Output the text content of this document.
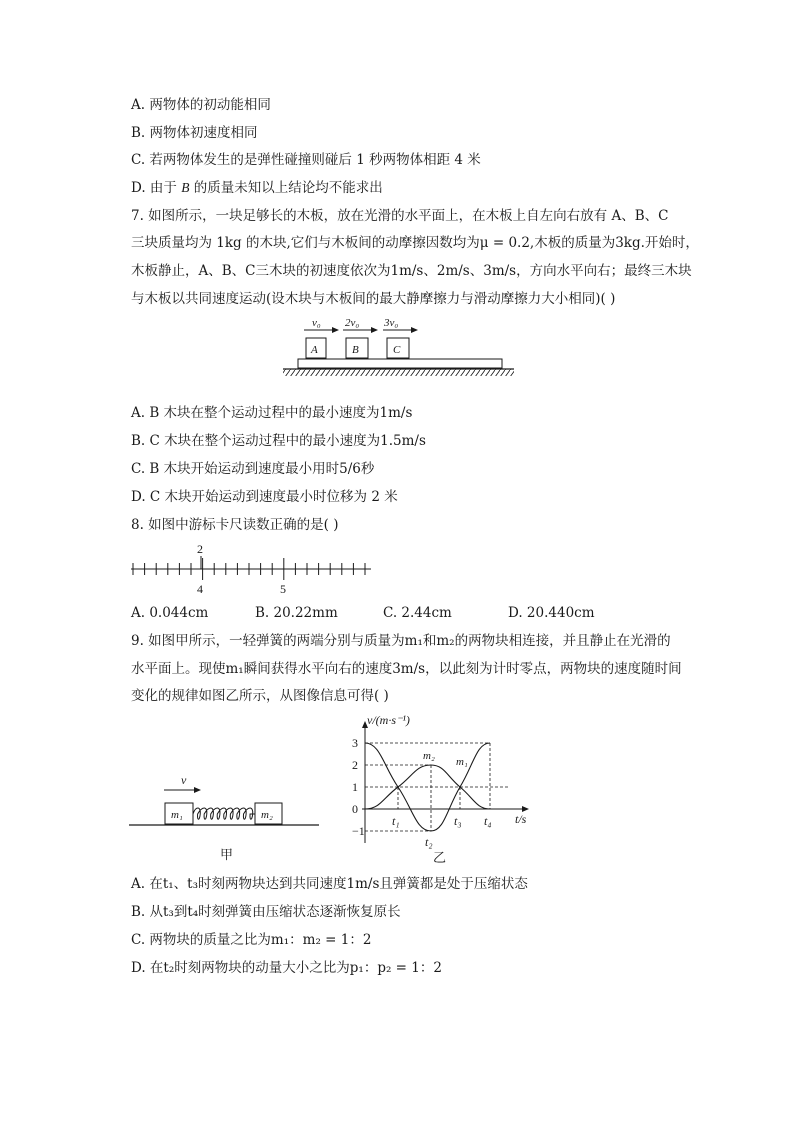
A. 两物体的初动能相同
B. 两物体初速度相同
C. 若两物体发生的是弹性碰撞则碰后 1 秒两物体相距 4 米
D. 由于 B 的质量未知以上结论均不能求出
7. 如图所示，一块足够长的木板，放在光滑的水平面上，在木板上自左向右放有 A、B、C
三块质量均为 1kg 的木块,它们与木板间的动摩擦因数均为μ = 0.2,木板的质量为3kg.开始时，
木板静止，A、B、C三木块的初速度依次为1m/s、2m/s、3m/s，方向水平向右；最终三木块
与木板以共同速度运动(设木块与木板间的最大静摩擦力与滑动摩擦力大小相同)( )
v₀ 2v₀ 3v₀
A	B	C
A. B 木块在整个运动过程中的最小速度为1m/s
B. C 木块在整个运动过程中的最小速度为1.5m/s
C. B 木块开始运动到速度最小用时5/6秒
D. C 木块开始运动到速度最小时位移为 2 米
8. 如图中游标卡尺读数正确的是( )
2
4	5
A. 0.044cm	B. 20.22mm	C. 2.44cm	D. 20.440cm
9. 如图甲所示，一轻弹簧的两端分别与质量为m₁和m₂的两物块相连接，并且静止在光滑的
水平面上。现使m₁瞬间获得水平向右的速度3m/s，以此刻为计时零点，两物块的速度随时间
变化的规律如图乙所示，从图像信息可得( )
v
m₁	m₂
甲
v/(m·s⁻¹)
t/s
乙
3
2
1
0
−1
t₁
t₂
t₃ t₄
m₂ m₁
A. 在t₁、t₃时刻两物块达到共同速度1m/s且弹簧都是处于压缩状态
B. 从t₃到t₄时刻弹簧由压缩状态逐渐恢复原长
C. 两物块的质量之比为m₁：m₂ = 1：2
D. 在t₂时刻两物块的动量大小之比为p₁：p₂ = 1：2
